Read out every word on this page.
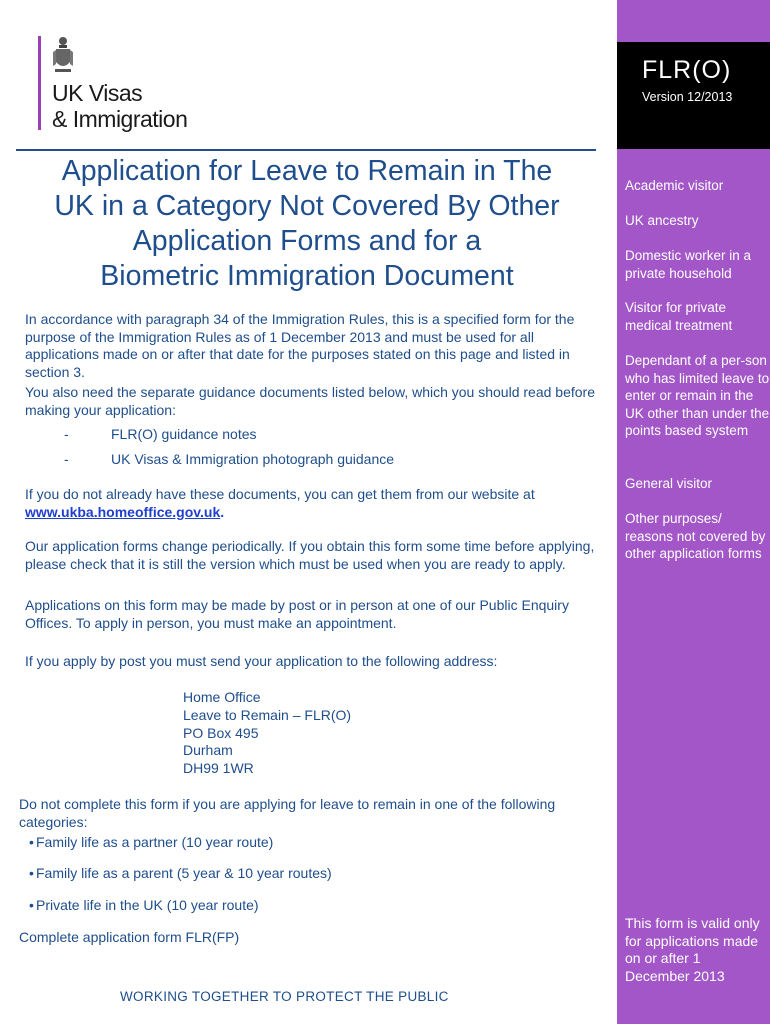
UK Visas
& Immigration
Application for Leave to Remain in The
UK in a Category Not Covered By Other
Application Forms and for a
Biometric Immigration Document

In accordance with paragraph 34 of the Immigration Rules, this is a specified form for the purpose of the Immigration Rules as of 1 December 2013 and must be used for all applications made on or after that date for the purposes stated on this page and listed in section 3.

You also need the separate guidance documents listed below, which you should read before making your application:

-	FLR(O) guidance notes
-	UK Visas & Immigration photograph guidance

If you do not already have these documents, you can get them from our website at www.ukba.homeoffice.gov.uk.

Our application forms change periodically. If you obtain this form some time before applying, please check that it is still the version which must be used when you are ready to apply.

Applications on this form may be made by post or in person at one of our Public Enquiry Offices. To apply in person, you must make an appointment.

If you apply by post you must send your application to the following address:

Home Office
Leave to Remain – FLR(O)
PO Box 495
Durham
DH99 1WR

Do not complete this form if you are applying for leave to remain in one of the following categories:

• Family life as a partner (10 year route)
• Family life as a parent (5 year & 10 year routes)
• Private life in the UK (10 year route)

Complete application form FLR(FP)

WORKING TOGETHER TO PROTECT THE PUBLIC
FLR(O)
Version 12/2013

Academic visitor

UK ancestry

Domestic worker in a private household

Visitor for private medical treatment

Dependant of a per-son who has limited leave to enter or remain in the UK other than under the points based system

General visitor

Other purposes/ reasons not covered by other application forms

This form is valid only for applications made on or after 1 December 2013
